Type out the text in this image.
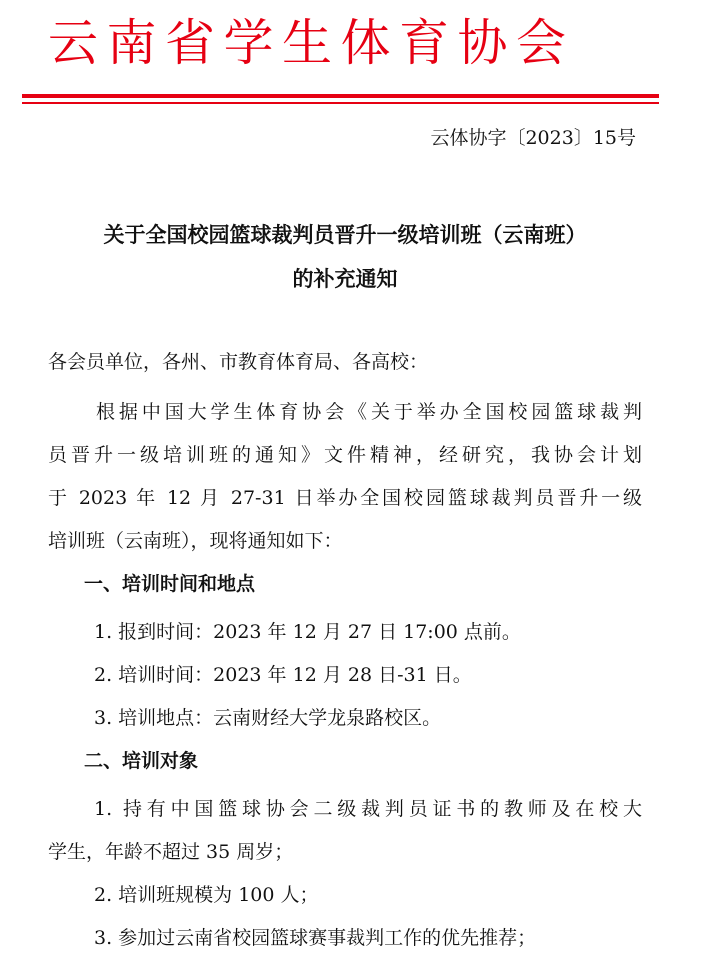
云南省学生体育协会
云体协字〔2023〕15号
关于全国校园篮球裁判员晋升一级培训班（云南班）
的补充通知
各会员单位，各州、市教育体育局、各高校：
根据中国大学生体育协会《关于举办全国校园篮球裁判
员晋升一级培训班的通知》文件精神，经研究，我协会计划
于 2023 年 12 月 27-31 日举办全国校园篮球裁判员晋升一级
培训班（云南班），现将通知如下：
一、培训时间和地点
1. 报到时间：2023 年 12 月 27 日 17:00 点前。
2. 培训时间：2023 年 12 月 28 日-31 日。
3. 培训地点：云南财经大学龙泉路校区。
二、培训对象
1. 持有中国篮球协会二级裁判员证书的教师及在校大
学生，年龄不超过 35 周岁；
2. 培训班规模为 100 人；
3. 参加过云南省校园篮球赛事裁判工作的优先推荐；
